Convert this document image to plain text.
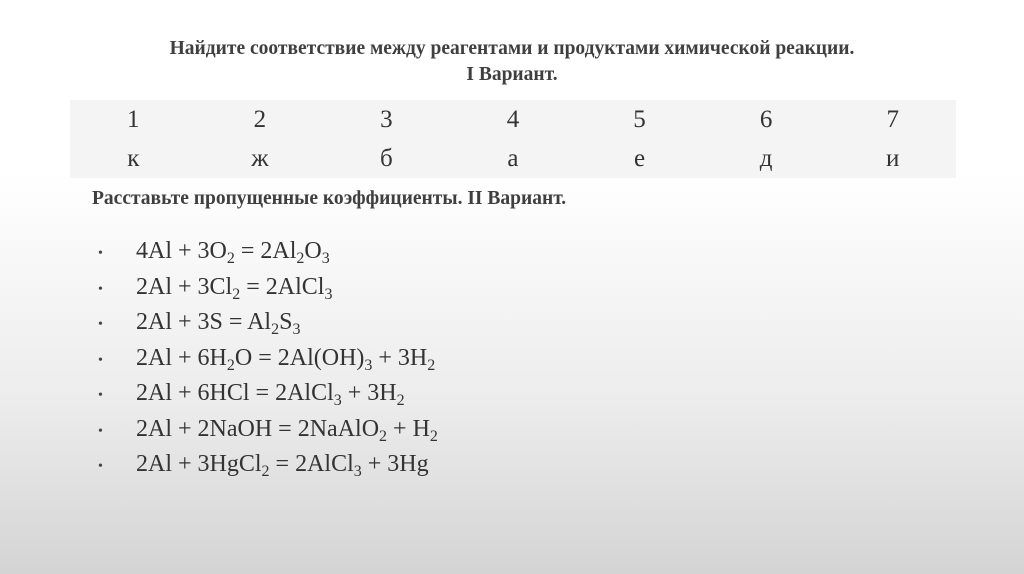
Найдите соответствие между реагентами и продуктами химической реакции.
I Вариант.
1	2	3	4	5	6	7
к	ж	б	а	е	д	и
Расставьте пропущенные коэффициенты. II Вариант.
• $4Al + 3O_2 = 2Al_2O_3$
• $2Al + 3Cl_2$ = 2AlCl$_3$
• $2Al + 3S = Al_2S_3$
• $2Al + 6H_2O = 2Al(OH)_3 + 3H_2$
• 2Al + 6HCl = 2AlCl$_3$ + $3H_2$
• 2Al + 2NaOH = 2NaAlO$_2$ + $H_2$
• 2Al + 3HgCl$_2$ = 2AlCl$_3$ + 3Hg
